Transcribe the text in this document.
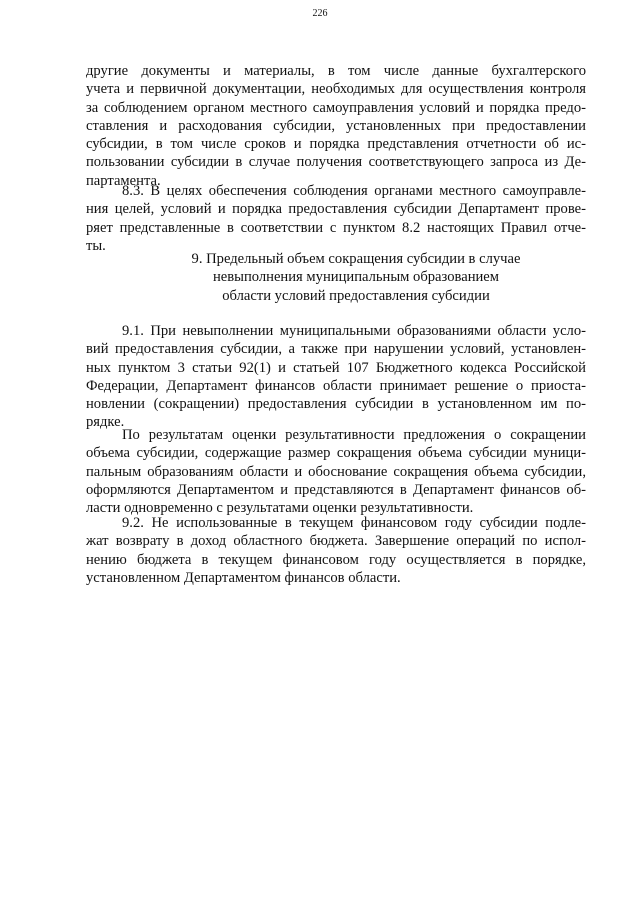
226
другие документы и материалы, в том числе данные бухгалтерского
учета и первичной документации, необходимых для осуществления контроля
за соблюдением органом местного самоуправления условий и порядка предо-
ставления и расходования субсидии, установленных при предоставлении
субсидии, в том числе сроков и порядка представления отчетности об ис-
пользовании субсидии в случае получения соответствующего запроса из Де-
партамента.
8.3. В целях обеспечения соблюдения органами местного самоуправле-
ния целей, условий и порядка предоставления субсидии Департамент прове-
ряет представленные в соответствии с пунктом 8.2 настоящих Правил отче-
ты.
9. Предельный объем сокращения субсидии в случае
невыполнения муниципальным образованием
области условий предоставления субсидии
9.1. При невыполнении муниципальными образованиями области усло-
вий предоставления субсидии, а также при нарушении условий, установлен-
ных пунктом 3 статьи 92(1) и статьей 107 Бюджетного кодекса Российской
Федерации, Департамент финансов области принимает решение о приоста-
новлении (сокращении) предоставления субсидии в установленном им по-
рядке.
По результатам оценки результативности предложения о сокращении
объема субсидии, содержащие размер сокращения объема субсидии муници-
пальным образованиям области и обоснование сокращения объема субсидии,
оформляются Департаментом и представляются в Департамент финансов об-
ласти одновременно с результатами оценки результативности.
9.2. Не использованные в текущем финансовом году субсидии подле-
жат возврату в доход областного бюджета. Завершение операций по испол-
нению бюджета в текущем финансовом году осуществляется в порядке,
установленном Департаментом финансов области.
